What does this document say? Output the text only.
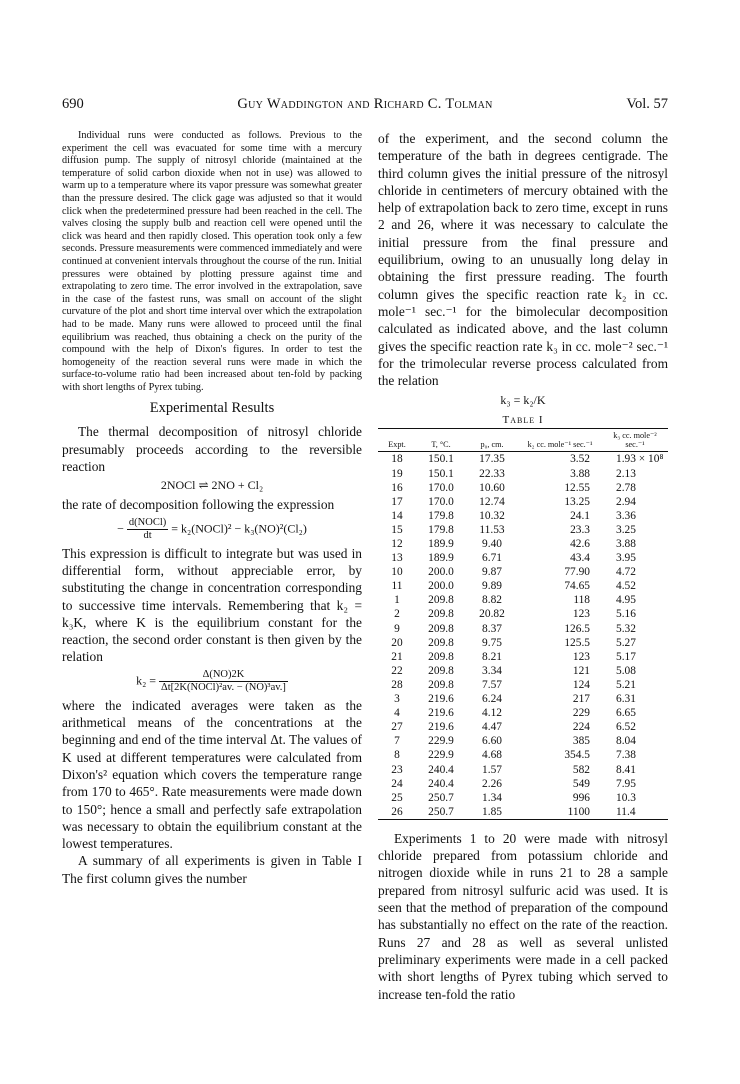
690	Guy Waddington and Richard C. Tolman	Vol. 57

Individual runs were conducted as follows. Previous to the experiment the cell was evacuated for some time with a mercury diffusion pump. The supply of nitrosyl chloride (maintained at the temperature of solid carbon dioxide when not in use) was allowed to warm up to a temperature where its vapor pressure was somewhat greater than the pressure desired. The click gage was adjusted so that it would click when the predetermined pressure had been reached in the cell. The valves closing the supply bulb and reaction cell were opened until the click was heard and then rapidly closed. This operation took only a few seconds. Pressure measurements were commenced immediately and were continued at convenient intervals throughout the course of the run. Initial pressures were obtained by plotting pressure against time and extrapolating to zero time. The error involved in the extrapolation, save in the case of the fastest runs, was small on account of the slight curvature of the plot and short time interval over which the extrapolation had to be made. Many runs were allowed to proceed until the final equilibrium was reached, thus obtaining a check on the purity of the compound with the help of Dixon's figures. In order to test the homogeneity of the reaction several runs were made in which the surface-to-volume ratio had been increased about ten-fold by packing with short lengths of Pyrex tubing.

Experimental Results

The thermal decomposition of nitrosyl chloride presumably proceeds according to the reversible reaction

2NOCl ⇌ 2NO + Cl₂

the rate of decomposition following the expression

− $\frac{\text{d(NOCl)}}{dt}$ = k₂(NOCl)² − k₃(NO)²(Cl₂)

This expression is difficult to integrate but was used in differential form, without appreciable error, by substituting the change in concentration corresponding to successive time intervals. Remembering that k₂ = k₃K, where K is the equilibrium constant for the reaction, the second order constant is then given by the relation

$k_2 = \frac{\Delta(NO)2K}{\text{Δt[2K(NOCl)²av. − (NO)³av.]}}$

where the indicated averages were taken as the arithmetical means of the concentrations at the beginning and end of the time interval Δt. The values of K used at different temperatures were calculated from Dixon's² equation which covers the temperature range from 170 to 465°. Rate measurements were made down to 150°; hence a small and perfectly safe extrapolation was necessary to obtain the equilibrium constant at the lowest temperatures.

A summary of all experiments is given in Table I The first column gives the number

of the experiment, and the second column the temperature of the bath in degrees centigrade. The third column gives the initial pressure of the nitrosyl chloride in centimeters of mercury obtained with the help of extrapolation back to zero time, except in runs 2 and 26, where it was necessary to calculate the initial pressure from the final pressure and equilibrium, owing to an unusually long delay in obtaining the first pressure reading. The fourth column gives the specific reaction rate k₂ in cc. mole⁻¹ sec.⁻¹ for the bimolecular decomposition calculated as indicated above, and the last column gives the specific reaction rate k₃ in cc. mole⁻² sec.⁻¹ for the trimolecular reverse process calculated from the relation

k₃ = k₂/K
Table I
Expt.	T, °C.	p₀, cm.	k₂ cc. mole⁻¹ sec.⁻¹	k₃ cc. mole⁻² sec.⁻¹
18	150.1	17.35	3.52	1.93 × 10⁸
19	150.1	22.33	3.88	2.13
16	170.0	10.60	12.55	2.78
17	170.0	12.74	13.25	2.94
14	179.8	10.32	24.1	3.36
15	179.8	11.53	23.3	3.25
12	189.9	9.40	42.6	3.88
13	189.9	6.71	43.4	3.95
10	200.0	9.87	77.90	4.72
11	200.0	9.89	74.65	4.52
1	209.8	8.82	118	4.95
2	209.8	20.82	123	5.16
9	209.8	8.37	126.5	5.32
20	209.8	9.75	125.5	5.27
21	209.8	8.21	123	5.17
22	209.8	3.34	121	5.08
28	209.8	7.57	124	5.21
3	219.6	6.24	217	6.31
4	219.6	4.12	229	6.65
27	219.6	4.47	224	6.52
7	229.9	6.60	385	8.04
8	229.9	4.68	354.5	7.38
23	240.4	1.57	582	8.41
24	240.4	2.26	549	7.95
25	250.7	1.34	996	10.3
26	250.7	1.85	1100	11.4

Experiments 1 to 20 were made with nitrosyl chloride prepared from potassium chloride and nitrogen dioxide while in runs 21 to 28 a sample prepared from nitrosyl sulfuric acid was used. It is seen that the method of preparation of the compound has substantially no effect on the rate of the reaction. Runs 27 and 28 as well as several unlisted preliminary experiments were made in a cell packed with short lengths of Pyrex tubing which served to increase ten-fold the ratio
